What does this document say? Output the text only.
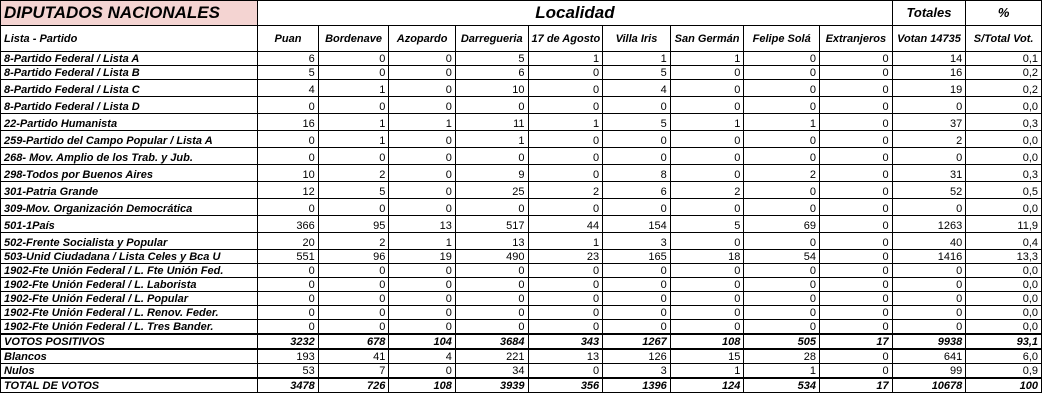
DIPUTADOS NACIONALES	Localidad									Totales	%
Lista - Partido	Puan	Bordenave	Azopardo	Darregueria	17 de Agosto	Villa Iris	San Germán	Felipe Solá	Extranjeros	Votan 14735	S/Total Vot.
8-Partido Federal / Lista A	6	0	0	5	1	1	1	0	0	14	0,1
8-Partido Federal / Lista B	5	0	0	6	0	5	0	0	0	16	0,2
8-Partido Federal / Lista C	4	1	0	10	0	4	0	0	0	19	0,2
8-Partido Federal / Lista D	0	0	0	0	0	0	0	0	0	0	0,0
22-Partido Humanista	16	1	1	11	1	5	1	1	0	37	0,3
259-Partido del Campo Popular / Lista A	0	1	0	1	0	0	0	0	0	2	0,0
268- Mov. Amplio de los Trab. y Jub.	0	0	0	0	0	0	0	0	0	0	0,0
298-Todos por Buenos Aires	10	2	0	9	0	8	0	2	0	31	0,3
301-Patria Grande	12	5	0	25	2	6	2	0	0	52	0,5
309-Mov. Organización Democrática	0	0	0	0	0	0	0	0	0	0	0,0
501-1País	366	95	13	517	44	154	5	69	0	1263	11,9
502-Frente Socialista y Popular	20	2	1	13	1	3	0	0	0	40	0,4
503-Unid Ciudadana / Lista Celes y Bca U	551	96	19	490	23	165	18	54	0	1416	13,3
1902-Fte Unión Federal / L. Fte Unión Fed.	0	0	0	0	0	0	0	0	0	0	0,0
1902-Fte Unión Federal / L. Laborista	0	0	0	0	0	0	0	0	0	0	0,0
1902-Fte Unión Federal / L. Popular	0	0	0	0	0	0	0	0	0	0	0,0
1902-Fte Unión Federal / L. Renov. Feder.	0	0	0	0	0	0	0	0	0	0	0,0
1902-Fte Unión Federal / L. Tres Bander.	0	0	0	0	0	0	0	0	0	0	0,0
VOTOS POSITIVOS	3232	678	104	3684	343	1267	108	505	17	9938	93,1
Blancos	193	41	4	221	13	126	15	28	0	641	6,0
Nulos	53	7	0	34	0	3	1	1	0	99	0,9
TOTAL DE VOTOS	3478	726	108	3939	356	1396	124	534	17	10678	100
